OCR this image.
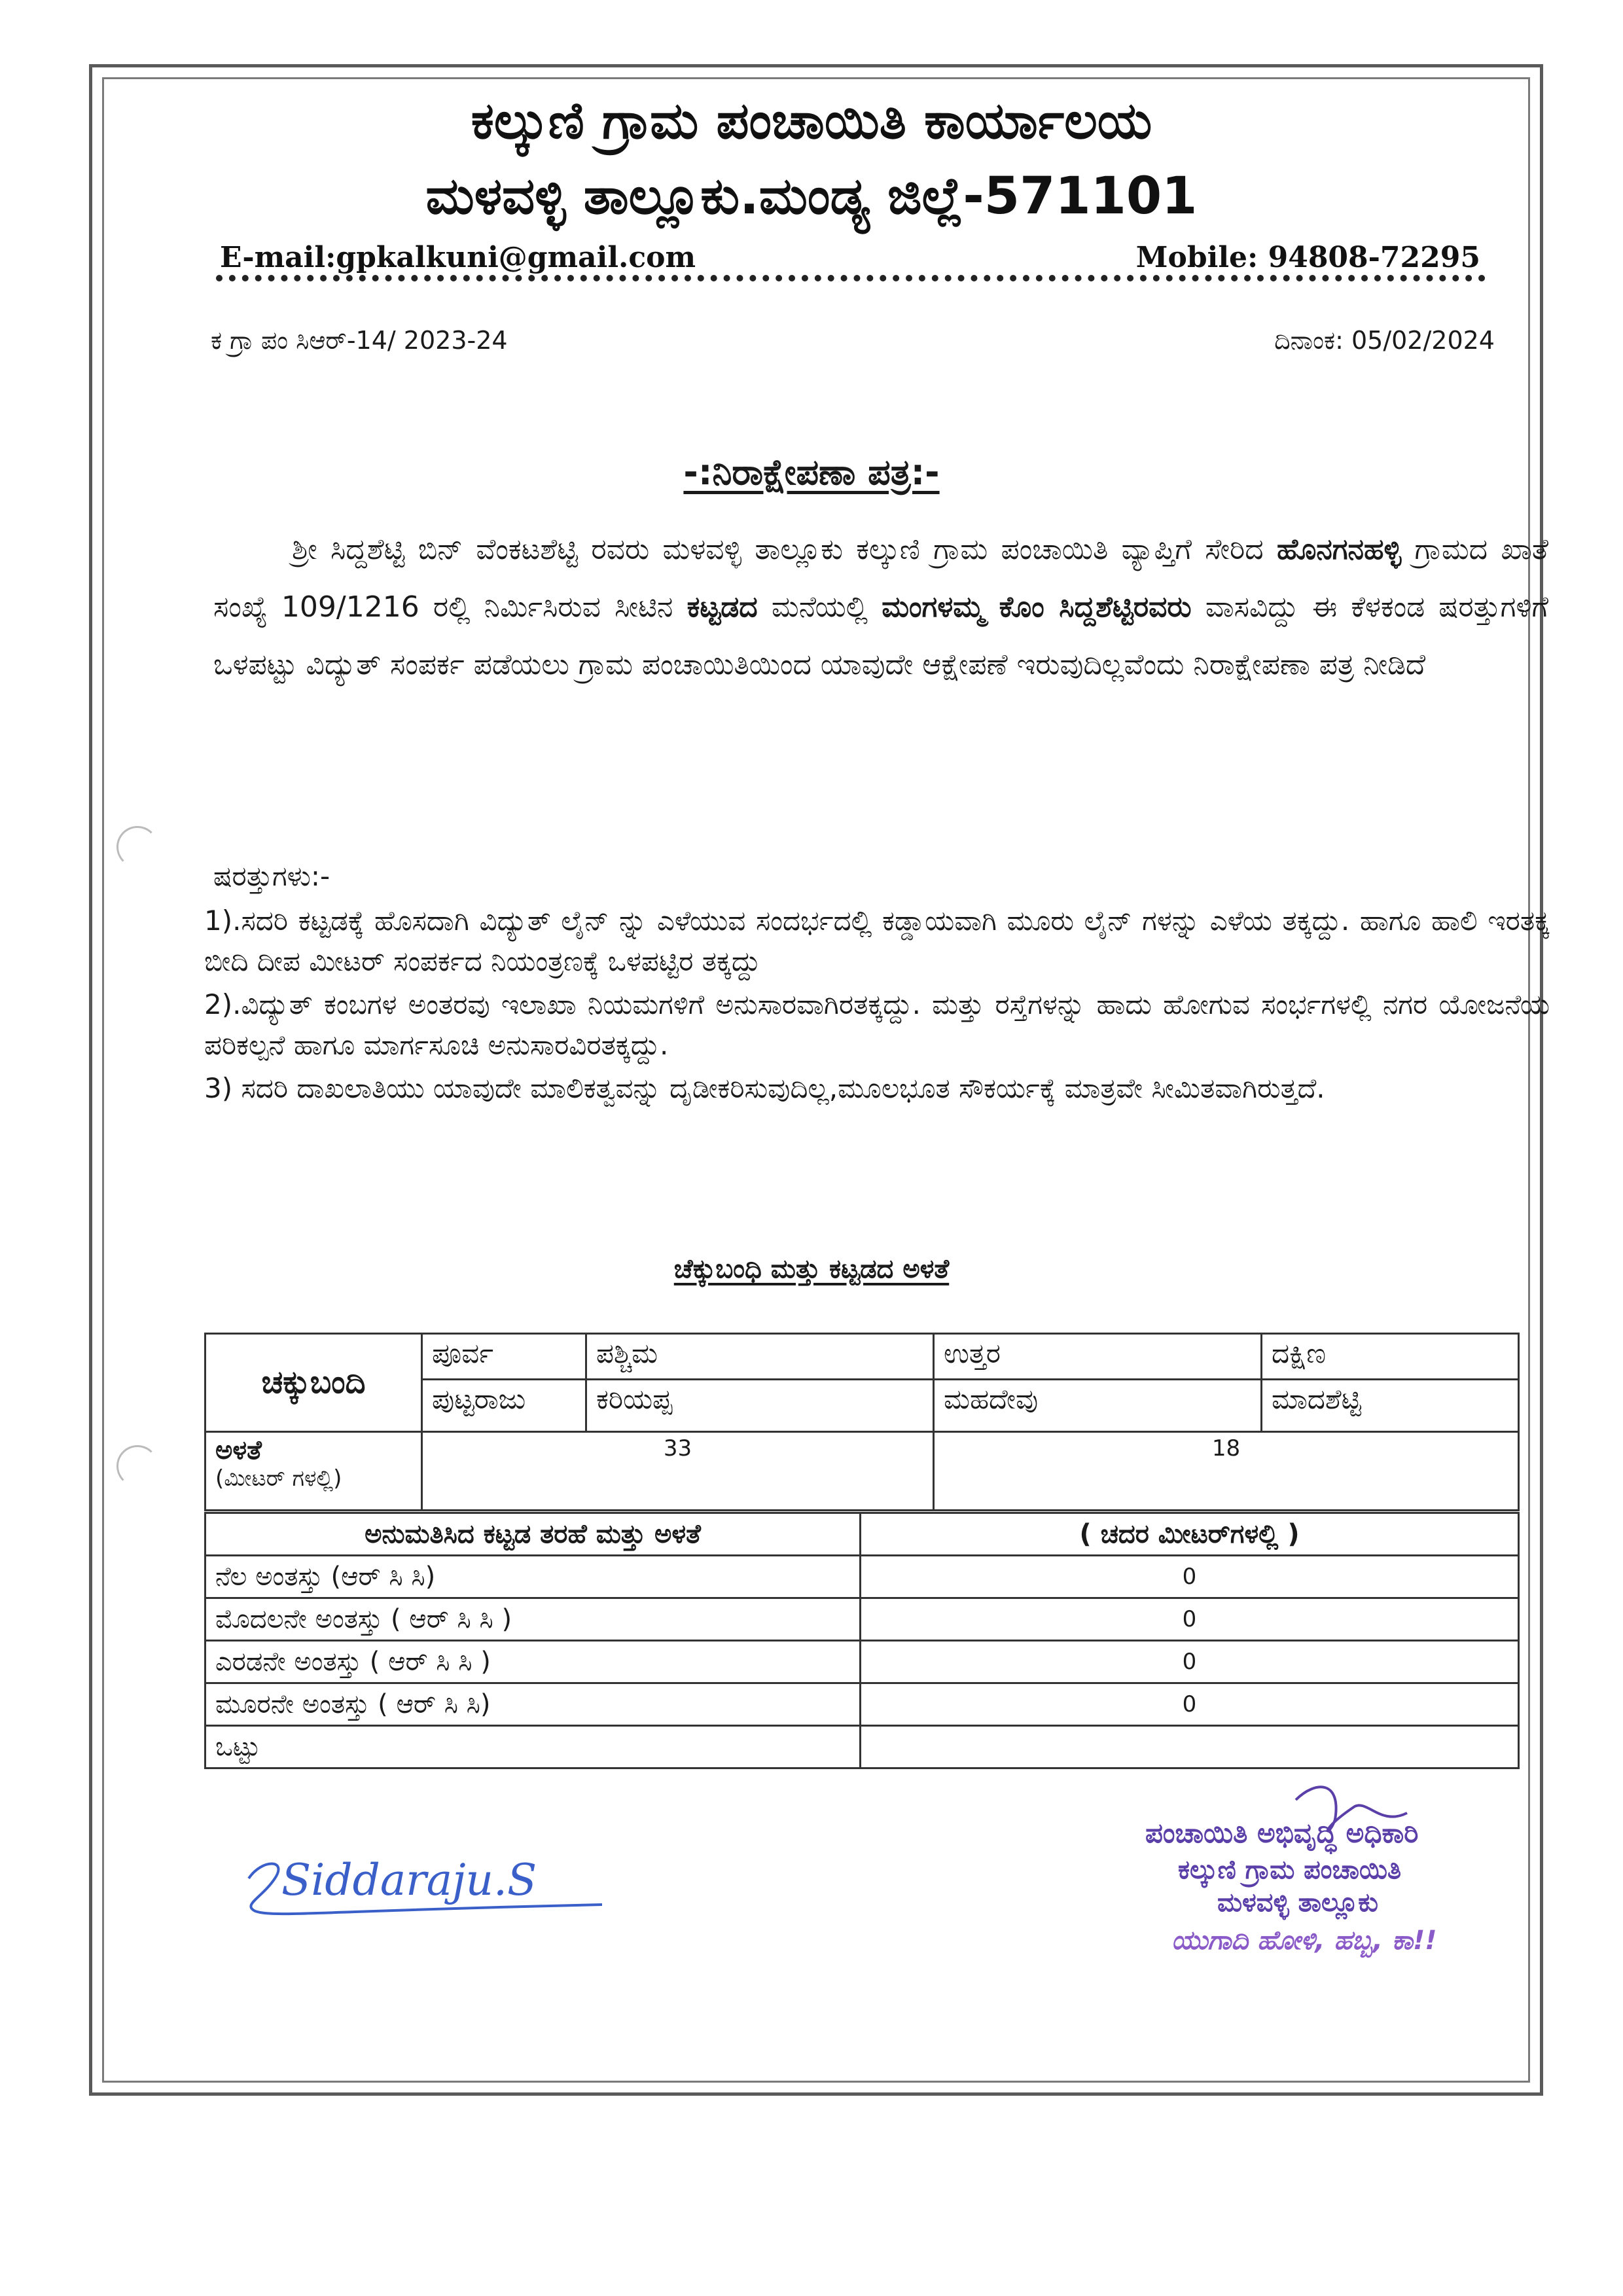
ಕಲ್ಕುಣಿ ಗ್ರಾಮ ಪಂಚಾಯಿತಿ ಕಾರ್ಯಾಲಯ
ಮಳವಳ್ಳಿ ತಾಲ್ಲೂಕು.ಮಂಡ್ಯ ಜಿಲ್ಲೆ-571101
E-mail:gpkalkuni@gmail.com	Mobile: 94808-72295
ಕ ಗ್ರಾ ಪಂ ಸಿಆರ್-14/ 2023-24	ದಿನಾಂಕ: 05/02/2024
-:ನಿರಾಕ್ಷೇಪಣಾ ಪತ್ರ:-
ಶ್ರೀ ಸಿದ್ದಶೆಟ್ಟಿ ಬಿನ್ ವೆಂಕಟಶೆಟ್ಟಿ ರವರು ಮಳವಳ್ಳಿ ತಾಲ್ಲೂಕು ಕಲ್ಕುಣಿ ಗ್ರಾಮ ಪಂಚಾಯಿತಿ ವ್ಯಾಪ್ತಿಗೆ ಸೇರಿದ ಹೊನಗನಹಳ್ಳಿ ಗ್ರಾಮದ ಖಾತೆ ಸಂಖ್ಯೆ 109/1216 ರಲ್ಲಿ ನಿರ್ಮಿಸಿರುವ ಸೀಟಿನ ಕಟ್ಟಡದ ಮನೆಯಲ್ಲಿ ಮಂಗಳಮ್ಮ ಕೊಂ ಸಿದ್ದಶೆಟ್ಟಿರವರು ವಾಸವಿದ್ದು ಈ ಕೆಳಕಂಡ ಷರತ್ತುಗಳಿಗೆ ಒಳಪಟ್ಟು ವಿದ್ಯುತ್ ಸಂಪರ್ಕ ಪಡೆಯಲು ಗ್ರಾಮ ಪಂಚಾಯಿತಿಯಿಂದ ಯಾವುದೇ ಆಕ್ಷೇಪಣೆ ಇರುವುದಿಲ್ಲವೆಂದು ನಿರಾಕ್ಷೇಪಣಾ ಪತ್ರ ನೀಡಿದೆ
ಷರತ್ತುಗಳು:-
1).ಸದರಿ ಕಟ್ಟಡಕ್ಕೆ ಹೊಸದಾಗಿ ವಿದ್ಯುತ್ ಲೈನ್ ನ್ನು ಎಳೆಯುವ ಸಂದರ್ಭದಲ್ಲಿ ಕಡ್ಡಾಯವಾಗಿ ಮೂರು ಲೈನ್ ಗಳನ್ನು ಎಳೆಯ ತಕ್ಕದ್ದು. ಹಾಗೂ ಹಾಲಿ ಇರತಕ್ಕ ಬೀದಿ ದೀಪ ಮೀಟರ್ ಸಂಪರ್ಕದ ನಿಯಂತ್ರಣಕ್ಕೆ ಒಳಪಟ್ಟಿರ ತಕ್ಕದ್ದು
2).ವಿದ್ಯುತ್ ಕಂಬಗಳ ಅಂತರವು ಇಲಾಖಾ ನಿಯಮಗಳಿಗೆ ಅನುಸಾರವಾಗಿರತಕ್ಕದ್ದು. ಮತ್ತು ರಸ್ತೆಗಳನ್ನು ಹಾದು ಹೋಗುವ ಸಂರ್ಭಗಳಲ್ಲಿ ನಗರ ಯೋಜನೆಯ ಪರಿಕಲ್ಪನೆ ಹಾಗೂ ಮಾರ್ಗಸೂಚಿ ಅನುಸಾರವಿರತಕ್ಕದ್ದು.
3) ಸದರಿ ದಾಖಲಾತಿಯು ಯಾವುದೇ ಮಾಲಿಕತ್ವವನ್ನು ದೃಡೀಕರಿಸುವುದಿಲ್ಲ,ಮೂಲಭೂತ ಸೌಕರ್ಯಕ್ಕೆ ಮಾತ್ರವೇ ಸೀಮಿತವಾಗಿರುತ್ತದೆ.
ಚೆಕ್ಕುಬಂಧಿ ಮತ್ತು ಕಟ್ಟಡದ ಅಳತೆ
ಚಕ್ಕುಬಂದಿ	ಪೂರ್ವ	ಪಶ್ಚಿಮ	ಉತ್ತರ	ದಕ್ಷಿಣ
	ಪುಟ್ಟರಾಜು	ಕರಿಯಪ್ಪ	ಮಹದೇವು	ಮಾದಶೆಟ್ಟಿ

ಅಳತೆ
(ಮೀಟರ್ ಗಳಲ್ಲಿ)	33		18	
ಅನುಮತಿಸಿದ ಕಟ್ಟಡ ತರಹೆ ಮತ್ತು ಅಳತೆ	( ಚದರ ಮೀಟರ್‌ಗಳಲ್ಲಿ )
ನೆಲ ಅಂತಸ್ತು (ಆರ್ ಸಿ ಸಿ)	0
ಮೊದಲನೇ ಅಂತಸ್ತು ( ಆರ್ ಸಿ ಸಿ )	0
ಎರಡನೇ ಅಂತಸ್ತು ( ಆರ್ ಸಿ ಸಿ )	0
ಮೂರನೇ ಅಂತಸ್ತು ( ಆರ್ ಸಿ ಸಿ)	0
ಒಟ್ಟು	
Siddaraju.S
ಪಂಚಾಯಿತಿ ಅಭಿವೃದ್ಧಿ ಅಧಿಕಾರಿ
ಕಲ್ಕುಣಿ ಗ್ರಾಮ ಪಂಚಾಯಿತಿ
ಮಳವಳ್ಳಿ ತಾಲ್ಲೂಕು
ಯುಗಾದಿ ಹೋಳಿ, ಹಬ್ಬ, ಕಾ!!
